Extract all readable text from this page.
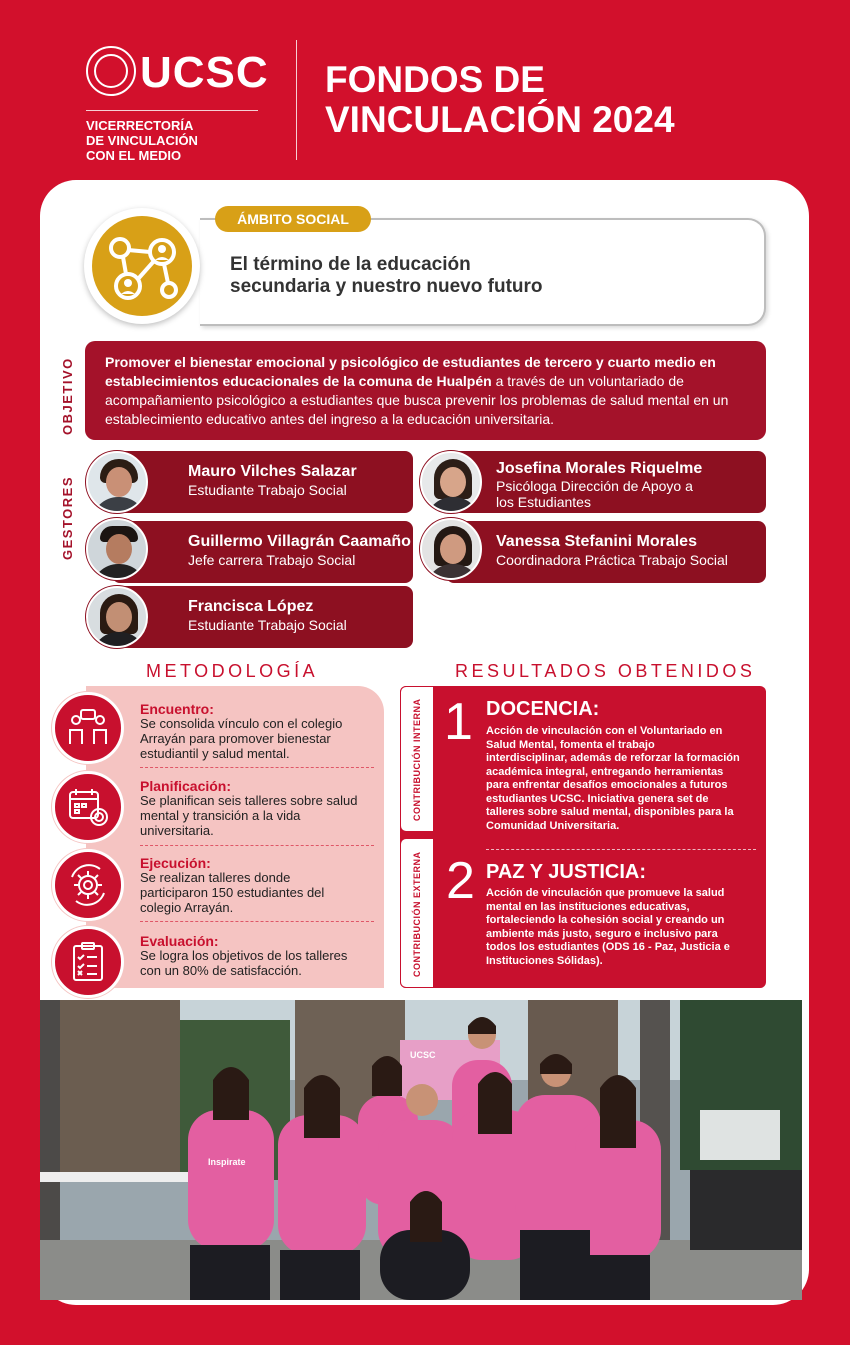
UCSC
VICERRECTORÍA
DE VINCULACIÓN
CON EL MEDIO
FONDOS DE
VINCULACIÓN 2024
ÁMBITO SOCIAL
El término de la educación
secundaria y nuestro nuevo futuro
OBJETIVO	Promover el bienestar emocional y psicológico de estudiantes de tercero y cuarto medio en establecimientos educacionales de la comuna de Hualpén a través de un voluntariado de acompañamiento psicológico a estudiantes que busca prevenir los problemas de salud mental en un establecimiento educativo antes del ingreso a la educación universitaria.
GESTORES
Mauro Vilches Salazar
Estudiante Trabajo Social
Guillermo Villagrán Caamaño
Jefe carrera Trabajo Social
Francisca López
Estudiante Trabajo Social
Josefina Morales Riquelme
Psicóloga Dirección de Apoyo a
los Estudiantes
Vanessa Stefanini Morales
Coordinadora Práctica Trabajo Social
METODOLOGÍA	RESULTADOS OBTENIDOS
Encuentro:
Se consolida vínculo con el colegio
Arrayán para promover bienestar
estudiantil y salud mental.
Planificación:
Se planifican seis talleres sobre salud
mental y transición a la vida
universitaria.
Ejecución:
Se realizan talleres donde
participaron 150 estudiantes del
colegio Arrayán.
Evaluación:
Se logra los objetivos de los talleres
con un 80% de satisfacción.
CONTRIBUCIÓN INTERNA
CONTRIBUCIÓN EXTERNA
1 DOCENCIA:
Acción de vinculación con el Voluntariado en
Salud Mental, fomenta el trabajo
interdisciplinar, además de reforzar la formación
académica integral, entregando herramientas
para enfrentar desafíos emocionales a futuros
estudiantes UCSC. Iniciativa genera set de
talleres sobre salud mental, disponibles para la
Comunidad Universitaria.
2 PAZ Y JUSTICIA:
Acción de vinculación que promueve la salud
mental en las instituciones educativas,
fortaleciendo la cohesión social y creando un
ambiente más justo, seguro e inclusivo para
todos los estudiantes (ODS 16 - Paz, Justicia e
Instituciones Sólidas).
UCSC
Inspirate
